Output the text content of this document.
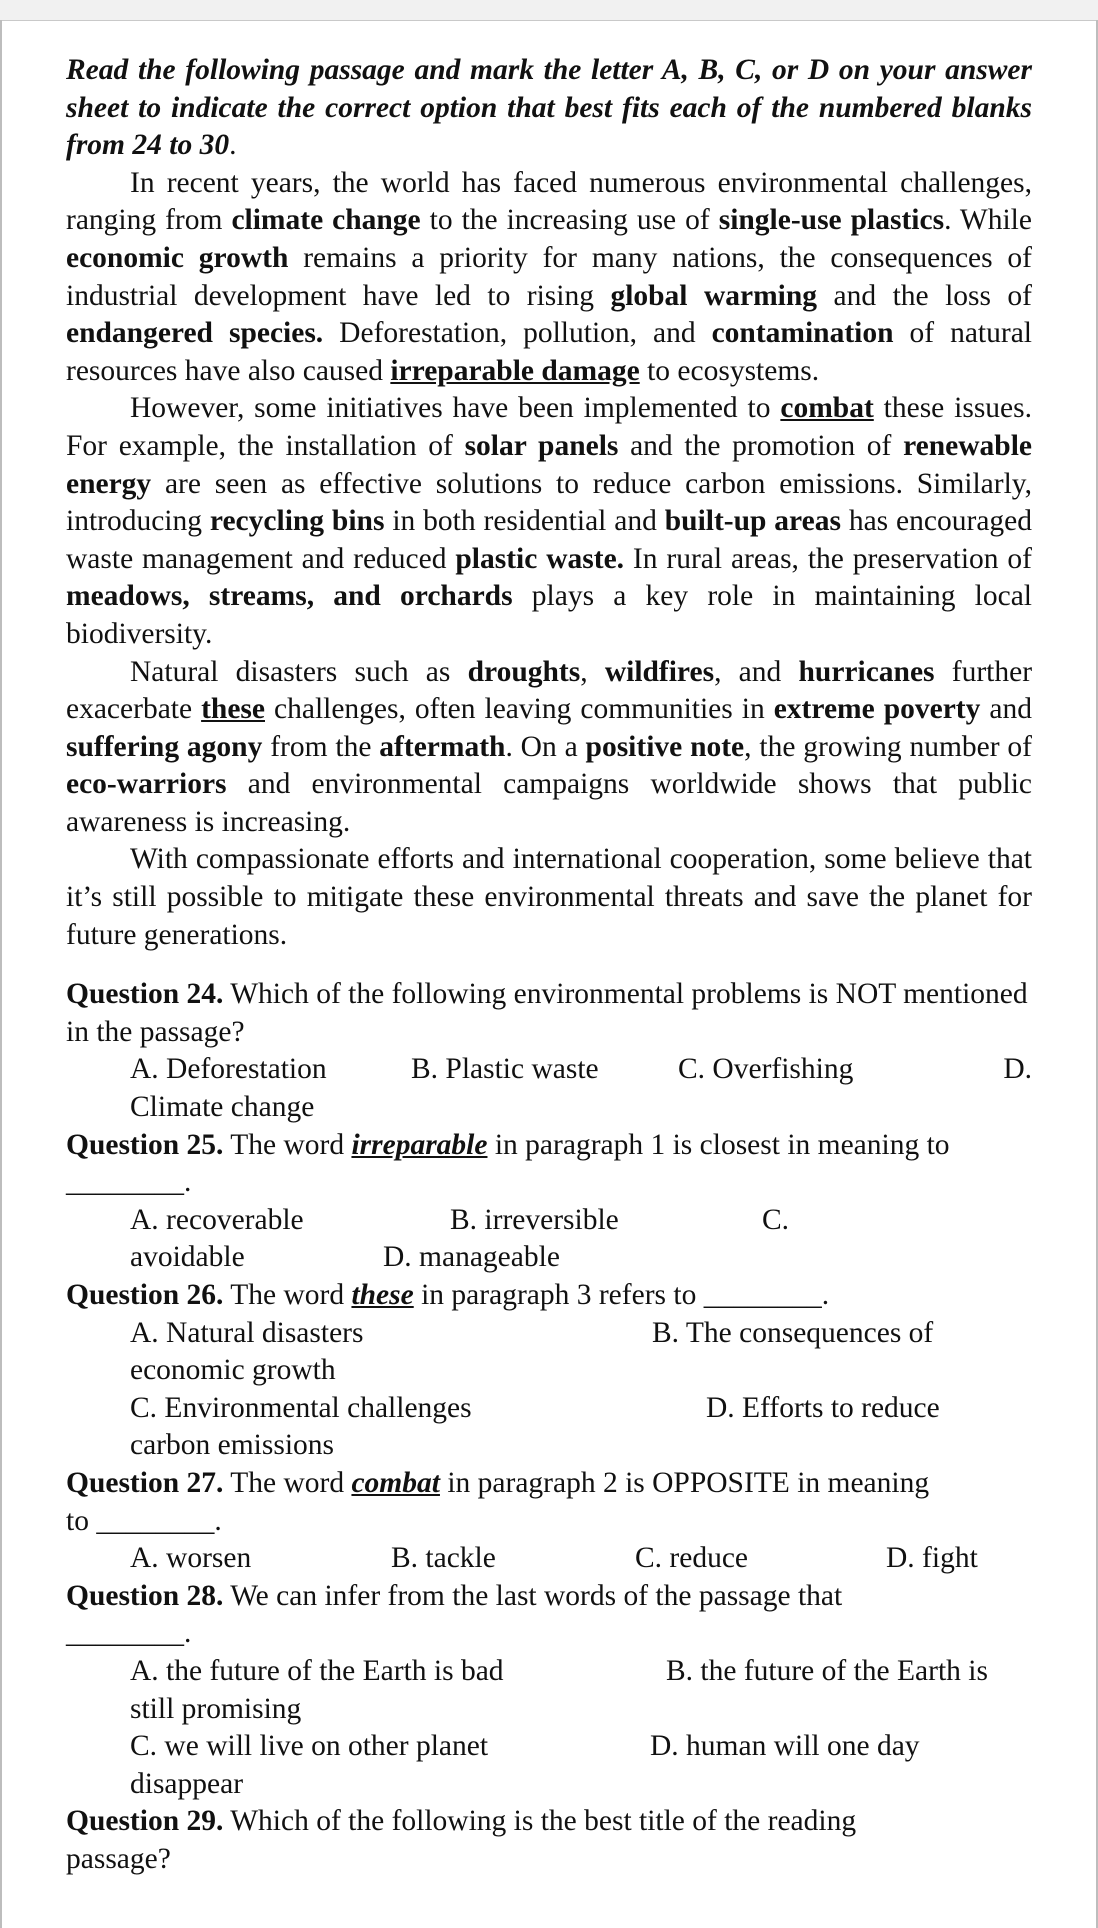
Read the following passage and mark the letter A, B, C, or D on your answer sheet to indicate the correct option that best fits each of the numbered blanks from 24 to 30.
In recent years, the world has faced numerous environmental challenges, ranging from climate change to the increasing use of single-use plastics. While economic growth remains a priority for many nations, the consequences of industrial development have led to rising global warming and the loss of endangered species. Deforestation, pollution, and contamination of natural resources have also caused irreparable damage to ecosystems.
However, some initiatives have been implemented to combat these issues. For example, the installation of solar panels and the promotion of renewable energy are seen as effective solutions to reduce carbon emissions. Similarly, introducing recycling bins in both residential and built-up areas has encouraged waste management and reduced plastic waste. In rural areas, the preservation of meadows, streams, and orchards plays a key role in maintaining local biodiversity.
Natural disasters such as droughts, wildfires, and hurricanes further exacerbate these challenges, often leaving communities in extreme poverty and suffering agony from the aftermath. On a positive note, the growing number of eco-warriors and environmental campaigns worldwide shows that public awareness is increasing.
With compassionate efforts and international cooperation, some believe that it’s still possible to mitigate these environmental threats and save the planet for future generations.
Question 24. Which of the following environmental problems is NOT mentioned in the passage?
A. Deforestation	B. Plastic waste	C. Overfishing	D.
Climate change
Question 25. The word irreparable in paragraph 1 is closest in meaning to
________.
A. recoverable	B. irreversible	C.
avoidable	D. manageable
Question 26. The word these in paragraph 3 refers to ________.
A. Natural disasters	B. The consequences of
economic growth
C. Environmental challenges	D. Efforts to reduce
carbon emissions
Question 27. The word combat in paragraph 2 is OPPOSITE in meaning
to ________.
A. worsen	B. tackle	C. reduce	D. fight
Question 28. We can infer from the last words of the passage that
________.
A. the future of the Earth is bad	B. the future of the Earth is
still promising
C. we will live on other planet	D. human will one day
disappear
Question 29. Which of the following is the best title of the reading
passage?
